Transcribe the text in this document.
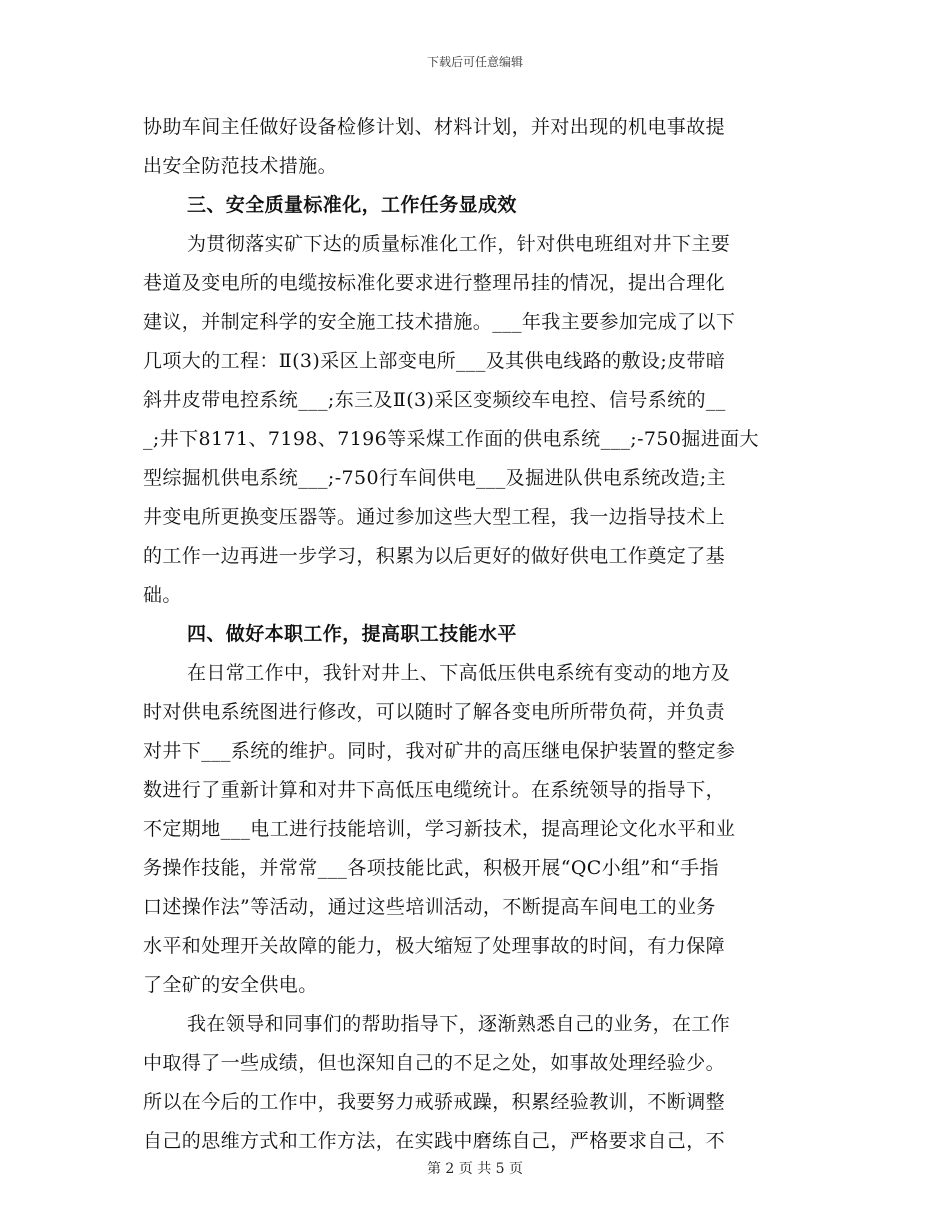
下载后可任意编辑
协助车间主任做好设备检修计划、材料计划，并对出现的机电事故提
出安全防范技术措施。
三、安全质量标准化，工作任务显成效
为贯彻落实矿下达的质量标准化工作，针对供电班组对井下主要
巷道及变电所的电缆按标准化要求进行整理吊挂的情况，提出合理化
建议，并制定科学的安全施工技术措施。___年我主要参加完成了以下
几项大的工程：Ⅱ(3)采区上部变电所___及其供电线路的敷设;皮带暗
斜井皮带电控系统___;东三及Ⅱ(3)采区变频绞车电控、信号系统的__
_;井下8171、7198、7196等采煤工作面的供电系统___;-750掘进面大
型综掘机供电系统___;-750行车间供电___及掘进队供电系统改造;主
井变电所更换变压器等。通过参加这些大型工程，我一边指导技术上
的工作一边再进一步学习，积累为以后更好的做好供电工作奠定了基
础。
四、做好本职工作，提高职工技能水平
在日常工作中，我针对井上、下高低压供电系统有变动的地方及
时对供电系统图进行修改，可以随时了解各变电所所带负荷，并负责
对井下___系统的维护。同时，我对矿井的高压继电保护装置的整定参
数进行了重新计算和对井下高低压电缆统计。在系统领导的指导下，
不定期地___电工进行技能培训，学习新技术，提高理论文化水平和业
务操作技能，并常常___各项技能比武，积极开展“QC小组”和“手指
口述操作法”等活动，通过这些培训活动，不断提高车间电工的业务
水平和处理开关故障的能力，极大缩短了处理事故的时间，有力保障
了全矿的安全供电。
我在领导和同事们的帮助指导下，逐渐熟悉自己的业务，在工作
中取得了一些成绩，但也深知自己的不足之处，如事故处理经验少。
所以在今后的工作中，我要努力戒骄戒躁，积累经验教训，不断调整
自己的思维方式和工作方法，在实践中磨练自己，严格要求自己，不
第 2 页 共 5 页
